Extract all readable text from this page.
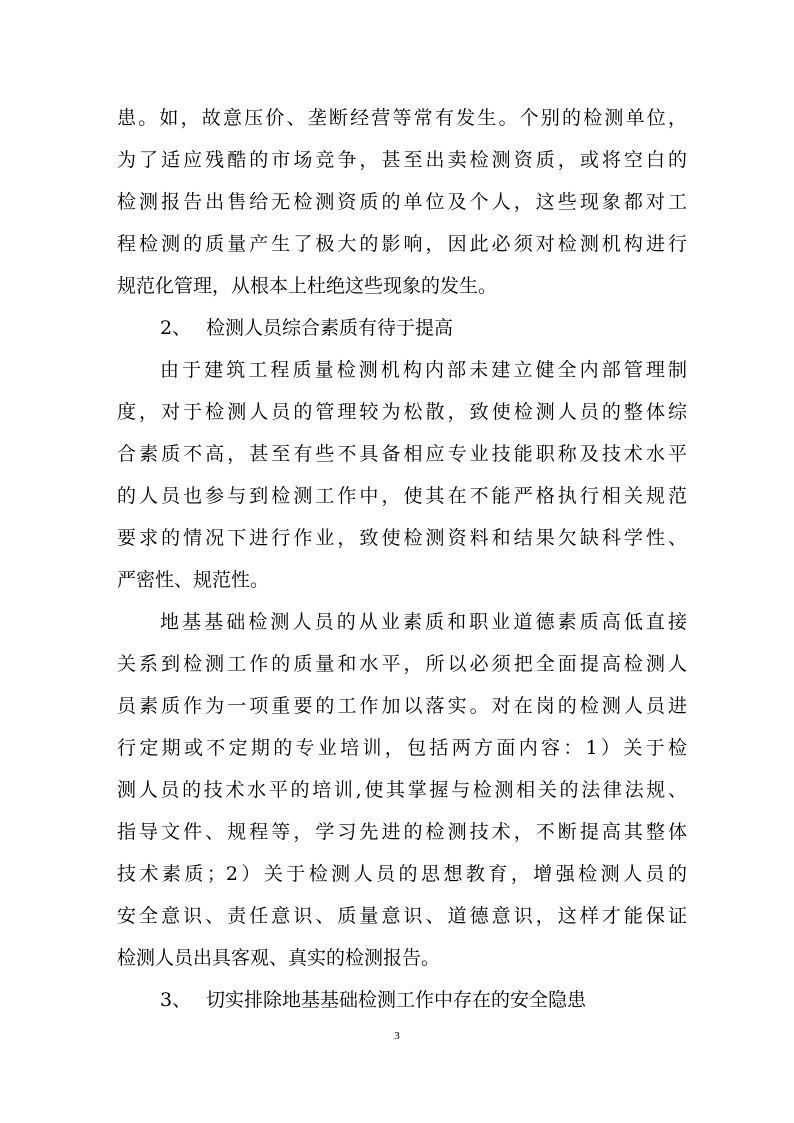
患。如，故意压价、垄断经营等常有发生。个别的检测单位，
为了适应残酷的市场竞争，甚至出卖检测资质，或将空白的
检测报告出售给无检测资质的单位及个人，这些现象都对工
程检测的质量产生了极大的影响，因此必须对检测机构进行
规范化管理，从根本上杜绝这些现象的发生。
2、 检测人员综合素质有待于提高
由于建筑工程质量检测机构内部未建立健全内部管理制
度，对于检测人员的管理较为松散，致使检测人员的整体综
合素质不高，甚至有些不具备相应专业技能职称及技术水平
的人员也参与到检测工作中，使其在不能严格执行相关规范
要求的情况下进行作业，致使检测资料和结果欠缺科学性、
严密性、规范性。
地基基础检测人员的从业素质和职业道德素质高低直接
关系到检测工作的质量和水平，所以必须把全面提高检测人
员素质作为一项重要的工作加以落实。对在岗的检测人员进
行定期或不定期的专业培训，包括两方面内容：1）关于检
测人员的技术水平的培训,使其掌握与检测相关的法律法规、
指导文件、规程等，学习先进的检测技术，不断提高其整体
技术素质；2）关于检测人员的思想教育，增强检测人员的
安全意识、责任意识、质量意识、道德意识，这样才能保证
检测人员出具客观、真实的检测报告。
3、 切实排除地基基础检测工作中存在的安全隐患
3
